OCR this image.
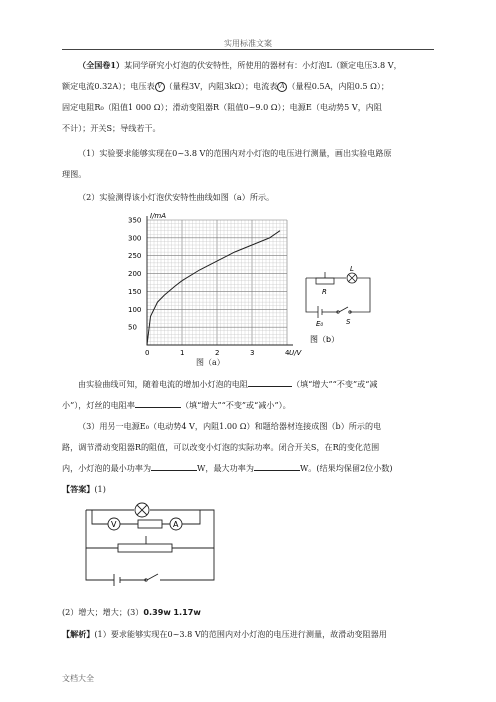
实用标准文案
（全国卷1）某同学研究小灯泡的伏安特性，所使用的器材有：小灯泡L（额定电压3.8 V，
额定电流0.32A）；电压表 V （量程3V，内阻3kΩ）；电流表 A （量程0.5A，内阻0.5 Ω）；
固定电阻R₀（阻值1 000 Ω）；滑动变阻器R（阻值0~9.0 Ω）；电源E（电动势5 V，内阻
不计）；开关S；导线若干。
（1）实验要求能够实现在0~3.8 V的范围内对小灯泡的电压进行测量，画出实验电路原
理图。
（2）实验测得该小灯泡伏安特性曲线如图（a）所示。
0	1	2	3	4
50
100
150
200
250
300
350
I/mA
U/V
图（a）
L
R
E₀	S
图（b）
由实验曲线可知，随着电流的增加小灯泡的电阻	（填“增大”“不变”或“减
小”），灯丝的电阻率	（填“增大”“不变”或“减小”）。
（3）用另一电源E₀（电动势4 V，内阻1.00 Ω）和题给器材连接成图（b）所示的电
路，调节滑动变阻器R的阻值，可以改变小灯泡的实际功率。闭合开关S，在R的变化范围
内，小灯泡的最小功率为	W，最大功率为	W。(结果均保留2位小数)
【答案】(1)
V	A
(2）增大；增大；(3）0.39w 1.17w
【解析】(1）要求能够实现在0~3.8 V的范围内对小灯泡的电压进行测量，故滑动变阻器用
文档大全
